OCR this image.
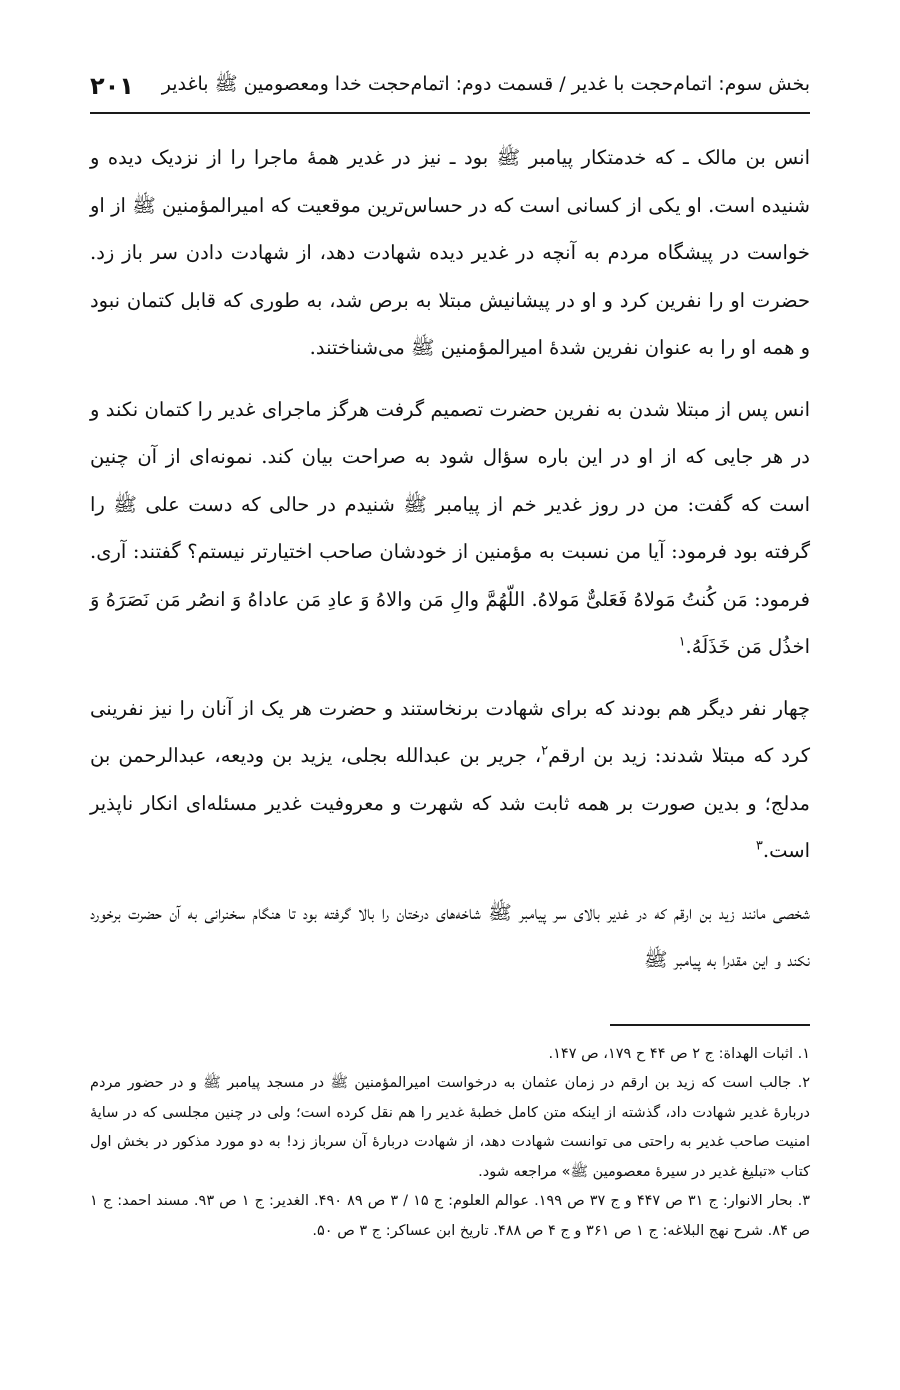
بخش سوم: اتمام‌حجت با غدیر / قسمت دوم: اتمام‌حجت خدا ومعصومین ﷺ باغدیر
۲۰۱

انس بن مالک ـ که خدمتکار پیامبر ﷺ بود ـ نیز در غدیر همهٔ ماجرا را از نزدیک دیده و شنیده است. او یکی از کسانی است که در حساس‌ترین موقعیت که امیرالمؤمنین ﷺ از او خواست در پیشگاه مردم به آنچه در غدیر دیده شهادت دهد، از شهادت دادن سر باز زد. حضرت او را نفرین کرد و او در پیشانیش مبتلا به برص شد، به طوری که قابل کتمان نبود و همه او را به عنوان نفرین شدهٔ امیرالمؤمنین ﷺ می‌شناختند.

انس پس از مبتلا شدن به نفرین حضرت تصمیم گرفت هرگز ماجرای غدیر را کتمان نکند و در هر جایی که از او در این باره سؤال شود به صراحت بیان کند. نمونه‌ای از آن چنین است که گفت: من در روز غدیر خم از پیامبر ﷺ شنیدم در حالی که دست علی ﷺ را گرفته بود فرمود: آیا من نسبت به مؤمنین از خودشان صاحب اختیارتر نیستم؟ گفتند: آری. فرمود: مَن کُنتُ مَولاهُ فَعَلیٌّ مَولاهُ. اللّهُمَّ والِ مَن والاهُ وَ عادِ مَن عاداهُ وَ انصُر مَن نَصَرَهُ وَ اخذُل مَن خَذَلَهُ.$^۱$

چهار نفر دیگر هم بودند که برای شهادت برنخاستند و حضرت هر یک از آنان را نیز نفرینی کرد که مبتلا شدند: زید بن ارقم$^۲$، جریر بن عبدالله بجلی، یزید بن ودیعه، عبدالرحمن بن مدلج؛ و بدین صورت بر همه ثابت شد که شهرت و معروفیت غدیر مسئله‌ای انکار ناپذیر است.$^۳$

شخصی مانند زید بن ارقم که در غدیر بالای سر پیامبر ﷺ شاخه‌های درختان را بالا گرفته بود تا هنگام سخنرانی به آن حضرت برخورد نکند و این مقدرا به پیامبر ﷺ

۱. اثبات الهداة: ج ۲ ص ۴۴ ح ۱۷۹، ص ۱۴۷.

۲. جالب است که زید بن ارقم در زمان عثمان به درخواست امیرالمؤمنین ﷺ در مسجد پیامبر ﷺ و در حضور مردم دربارهٔ غدیر شهادت داد، گذشته از اینکه متن کامل خطبهٔ غدیر را هم نقل کرده است؛ ولی در چنین مجلسی که در سایهٔ امنیت صاحب غدیر به راحتی می توانست شهادت دهد، از شهادت دربارهٔ آن سرباز زد! به دو مورد مذکور در بخش اول کتاب «تبلیغ غدیر در سیرهٔ معصومین ﷺ» مراجعه شود.

۳. بحار الانوار: ج ۳۱ ص ۴۴۷ و ج ۳۷ ص ۱۹۹. عوالم العلوم: ج ۱۵ / ۳ ص ۸۹ ۴۹۰. الغدیر: ج ۱ ص ۹۳. مسند احمد: ج ۱ ص ۸۴. شرح نهج البلاغه: ج ۱ ص ۳۶۱ و ج ۴ ص ۴۸۸. تاریخ ابن عساکر: ج ۳ ص ۵۰.
